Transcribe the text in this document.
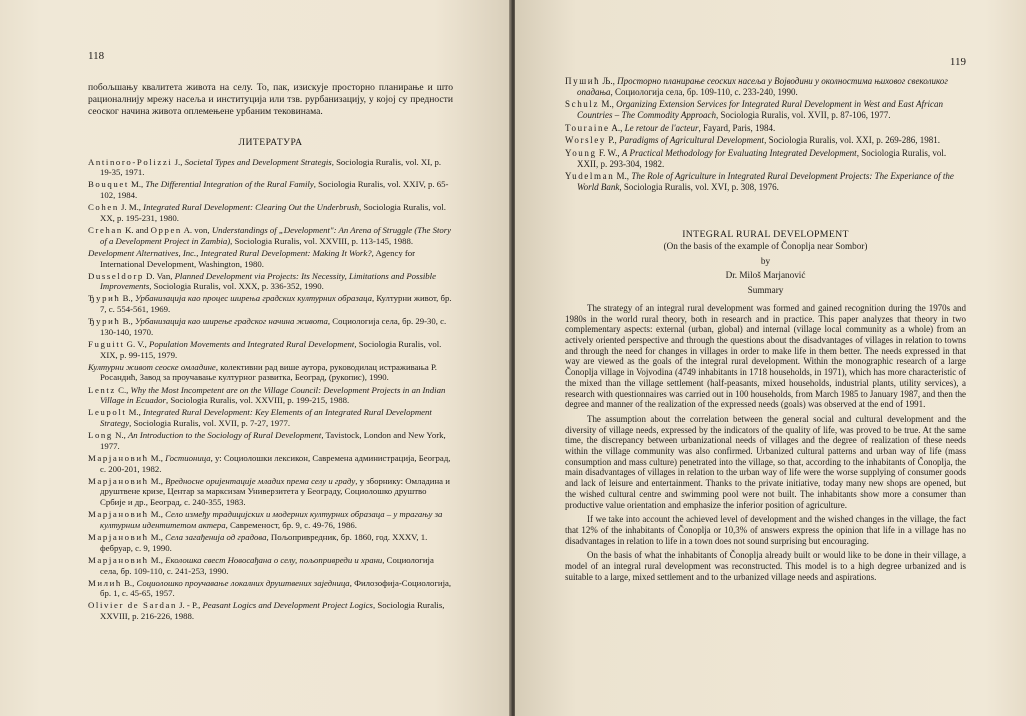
118

побољшању квалитета живота на селу. То, пак, изискује просторно планирање и што рационалнију мрежу насеља и институција или тзв. рурбанизацију, у којој су предности сеоског начина живота оплемењене урбаним тековинама.

ЛИТЕРАТУРА
Antinoro-Polizzi J., Societal Types and Development Strategis, Sociologia Ruralis, vol. XI, p. 19-35, 1971.
Bouquet M., The Differential Integration of the Rural Family, Sociologia Ruralis, vol. XXIV, p. 65-102, 1984.
Cohen J. M., Integrated Rural Development: Clearing Out the Underbrush, Sociologia Ruralis, vol. XX, p. 195-231, 1980.
Crehan K. and Oppen A. von, Understandings of „Development": An Arena of Struggle (The Story of a Development Project in Zambia), Sociologia Ruralis, vol. XXVIII, p. 113-145, 1988.
Development Alternatives, Inc., Integrated Rural Development: Making It Work?, Agency for International Development, Washington, 1980.
Dusseldorp D. Van, Planned Development via Projects: Its Necessity, Limitations and Possible Improvements, Sociologia Ruralis, vol. XXX, p. 336-352, 1990.
Ђурић В., Урбанизација као процес ширења градских културних образаца, Културни живот, бр. 7, с. 554-561, 1969.
Ђурић В., Урбанизација као ширење градског начина живота, Социологија села, бр. 29-30, с. 130-140, 1970.
Fuguitt G. V., Population Movements and Integrated Rural Development, Sociologia Ruralis, vol. XIX, p. 99-115, 1979.
Културни живот сеоске омладине, колективни рад више аутора, руководилац истраживања Р. Росандић, Завод за проучавање културног развитка, Београд, (рукопис), 1990.
Lentz C., Why the Most Incompetent are on the Village Council: Development Projects in an Indian Village in Ecuador, Sociologia Ruralis, vol. XXVIII, p. 199-215, 1988.
Leupolt M., Integrated Rural Development: Key Elements of an Integrated Rural Development Strategy, Sociologia Ruralis, vol. XVII, p. 7-27, 1977.
Long N., An Introduction to the Sociology of Rural Development, Tavistock, London and New York, 1977.
Марјановић М., Гостионица, у: Социолошки лексикон, Савремена администрација, Београд, с. 200-201, 1982.
Марјановић М., Вредносне оријентације младих према селу и граду, у зборнику: Омладина и друштвене кризе, Центар за марксизам Универзитета у Београду, Социолошко друштво Србије и др., Београд, с. 240-355, 1983.
Марјановић М., Село између традицијских и модерних културних образаца – у трагању за културним идентитетом актера, Савременост, бр. 9, с. 49-76, 1986.
Марјановић М., Села загађенија од градова, Пољопривредник, бр. 1860, год. XXXV, 1. фебруар, с. 9, 1990.
Марјановић М., Еколошка свест Новосађана о селу, пољопривреди и храни, Социологија села, бр. 109-110, с. 241-253, 1990.
Милић В., Социолошко проучавање локалних друштвених заједница, Филозофија-Социологија, бр. 1, с. 45-65, 1957.
Olivier de Sardan J. - P., Peasant Logics and Development Project Logics, Sociologia Ruralis, XXVIII, p. 216-226, 1988.
119
Пушић Љ., Просторно планирање сеоских насеља у Војводини у околностима њиховог свеколиког опадања, Социологија села, бр. 109-110, с. 233-240, 1990.
Schulz M., Organizing Extension Services for Integrated Rural Development in West and East African Countries – The Commodity Approach, Sociologia Ruralis, vol. XVII, p. 87-106, 1977.
Touraine A., Le retour de l'acteur, Fayard, Paris, 1984.
Worsley P., Paradigms of Agricultural Development, Sociologia Ruralis, vol. XXI, p. 269-286, 1981.
Young F. W., A Practical Methodology for Evaluating Integrated Development, Sociologia Ruralis, vol. XXII, p. 293-304, 1982.
Yudelman M., The Role of Agriculture in Integrated Rural Development Projects: The Experiance of the World Bank, Sociologia Ruralis, vol. XVI, p. 308, 1976.
INTEGRAL RURAL DEVELOPMENT
(On the basis of the example of Čonoplja near Sombor)
by
Dr. Miloš Marjanović
Summary

The strategy of an integral rural development was formed and gained recognition during the 1970s and 1980s in the world rural theory, both in research and in practice. This paper analyzes that theory in two complementary aspects: external (urban, global) and internal (village local community as a whole) from an actively oriented perspective and through the questions about the disadvantages of villages in relation to towns and through the need for changes in villages in order to make life in them better. The needs expressed in that way are viewed as the goals of the integral rural development. Within the monographic research of a large Čonoplja village in Vojvodina (4749 inhabitants in 1718 households, in 1971), which has more characteristic of the mixed than the village settlement (half-peasants, mixed households, industrial plants, utility services), a research with questionnaires was carried out in 100 households, from March 1985 to January 1987, and then the degree and manner of the realization of the expressed needs (goals) was observed at the end of 1991.

The assumption about the correlation between the general social and cultural development and the diversity of village needs, expressed by the indicators of the quality of life, was proved to be true. At the same time, the discrepancy between urbanizational needs of villages and the degree of realization of these needs within the village community was also confirmed. Urbanized cultural patterns and urban way of life (mass consumption and mass culture) penetrated into the village, so that, according to the inhabitants of Čonoplja, the main disadvantages of villages in relation to the urban way of life were the worse supplying of consumer goods and lack of leisure and entertainment. Thanks to the private initiative, today many new shops are opened, but the wished cultural centre and swimming pool were not built. The inhabitants show more a consumer than productive value orientation and emphasize the inferior position of agriculture.

If we take into account the achieved level of development and the wished changes in the village, the fact that 12% of the inhabitants of Čonoplja or 10,3% of answers express the opinion that life in a village has no disadvantages in relation to life in a town does not sound surprising but encouraging.

On the basis of what the inhabitants of Čonoplja already built or would like to be done in their village, a model of an integral rural development was reconstructed. This model is to a high degree urbanized and is suitable to a large, mixed settlement and to the urbanized village needs and aspirations.
